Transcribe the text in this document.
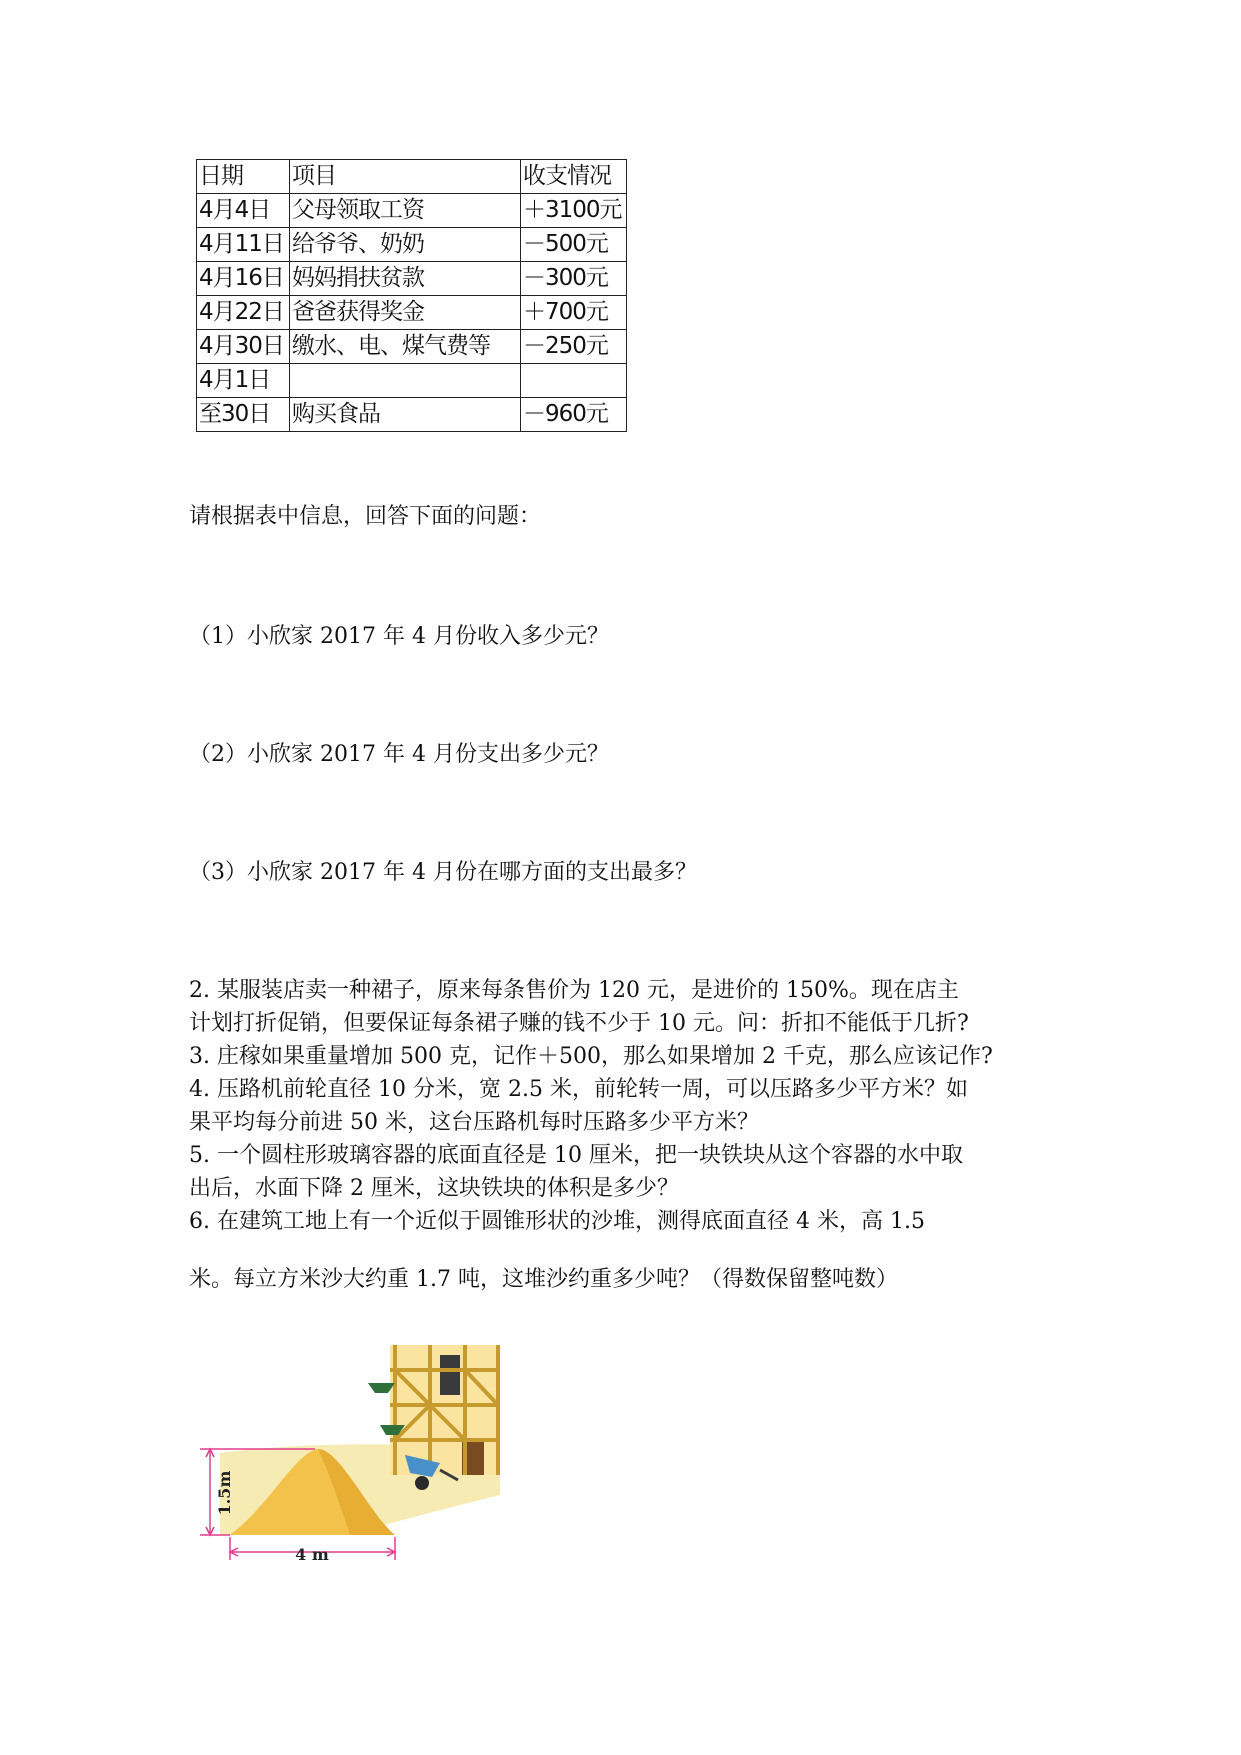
日期	项目	收支情况
4月4日	父母领取工资	＋3100元
4月11日	给爷爷、奶奶	－500元
4月16日	妈妈捐扶贫款	－300元
4月22日	爸爸获得奖金	＋700元
4月30日	缴水、电、煤气费等	－250元
4月1日		
至30日	购买食品	－960元
请根据表中信息，回答下面的问题：
（1）小欣家 2017 年 4 月份收入多少元？
（2）小欣家 2017 年 4 月份支出多少元？
（3）小欣家 2017 年 4 月份在哪方面的支出最多？
2. 某服装店卖一种裙子，原来每条售价为 120 元，是进价的 150%。现在店主
计划打折促销，但要保证每条裙子赚的钱不少于 10 元。问：折扣不能低于几折?
3. 庄稼如果重量增加 500 克，记作＋500，那么如果增加 2 千克，那么应该记作?
4. 压路机前轮直径 10 分米，宽 2.5 米，前轮转一周，可以压路多少平方米？如
果平均每分前进 50 米，这台压路机每时压路多少平方米？
5. 一个圆柱形玻璃容器的底面直径是 10 厘米，把一块铁块从这个容器的水中取
出后，水面下降 2 厘米，这块铁块的体积是多少？
6. 在建筑工地上有一个近似于圆锥形状的沙堆，测得底面直径 4 米，高 1.5
米。每立方米沙大约重 1.7 吨，这堆沙约重多少吨？（得数保留整吨数）
1.5m
4 m
